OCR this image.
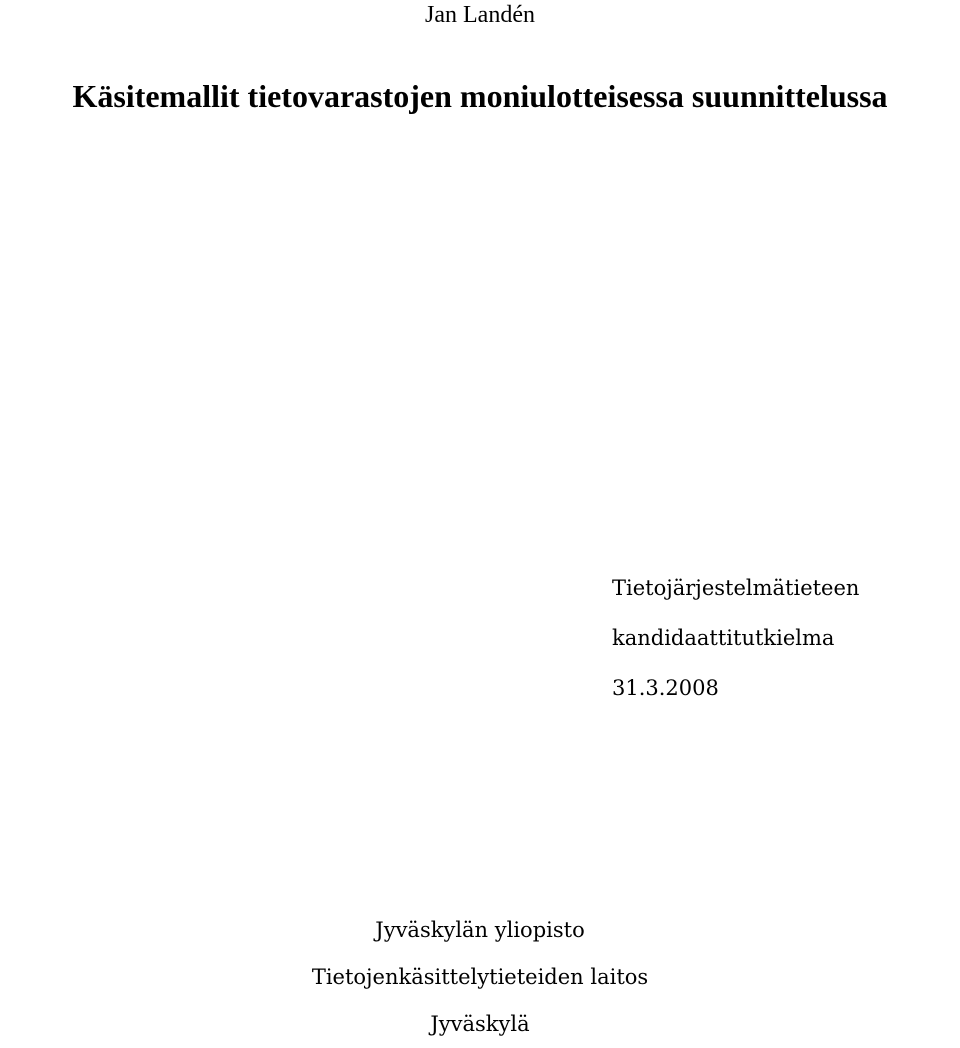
Jan Landén
Käsitemallit tietovarastojen moniulotteisessa suunnittelussa
Tietojärjestelmätieteen
kandidaattitutkielma
31.3.2008
Jyväskylän yliopisto
Tietojenkäsittelytieteiden laitos
Jyväskylä
